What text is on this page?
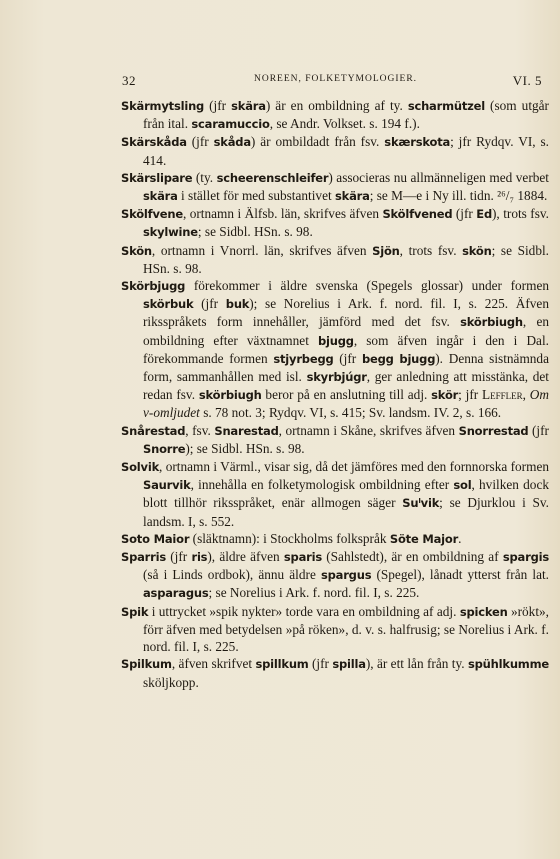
32	NOREEN, FOLKETYMOLOGIER.	VI. 5

Skärmytsling (jfr skära) är en ombildning af ty. scharmützel (som utgår från ital. scaramuccio, se Andr. Volkset. s. 194 f.).

Skärskåda (jfr skåda) är ombildadt från fsv. skærskota; jfr Rydqv. VI, s. 414.

Skärslipare (ty. scheerenschleifer) associeras nu allmänneligen med verbet skära i stället för med substantivet skära; se M—e i Ny ill. tidn. ²⁶/₇ 1884.

Skölfvene, ortnamn i Älfsb. län, skrifves äfven Skölfvened (jfr Ed), trots fsv. skylwine; se Sidbl. HSn. s. 98.

Skön, ortnamn i Vnorrl. län, skrifves äfven Sjön, trots fsv. skön; se Sidbl. HSn. s. 98.

Skörbjugg förekommer i äldre svenska (Spegels glossar) under formen skörbuk (jfr buk); se Norelius i Ark. f. nord. fil. I, s. 225. Äfven riksspråkets form innehåller, jämförd med det fsv. skörbiugh, en ombildning efter växtnamnet bjugg, som äfven ingår i den i Dal. förekommande formen stjyrbegg (jfr begg bjugg). Denna sistnämnda form, sammanhållen med isl. skyrbjúgr, ger anledning att misstänka, det redan fsv. skörbiugh beror på en anslutning till adj. skör; jfr Leffler, Om v-omljudet s. 78 not. 3; Rydqv. VI, s. 415; Sv. landsm. IV. 2, s. 166.

Snårestad, fsv. Snarestad, ortnamn i Skåne, skrifves äfven Snorrestad (jfr Snorre); se Sidbl. HSn. s. 98.

Solvik, ortnamn i Värml., visar sig, då det jämföres med den fornnorska formen Saurvik, innehålla en folketymologisk ombildning efter sol, hvilken dock blott tillhör riksspråket, enär allmogen säger Suˡvik; se Djurklou i Sv. landsm. I, s. 552.

Soto Maior (släktnamn): i Stockholms folkspråk Söte Major.

Sparris (jfr ris), äldre äfven sparis (Sahlstedt), är en ombildning af spargis (så i Linds ordbok), ännu äldre spargus (Spegel), lånadt ytterst från lat. asparagus; se Norelius i Ark. f. nord. fil. I, s. 225.

Spik i uttrycket »spik nykter» torde vara en ombildning af adj. spicken »rökt», förr äfven med betydelsen »på röken», d. v. s. halfrusig; se Norelius i Ark. f. nord. fil. I, s. 225.

Spilkum, äfven skrifvet spillkum (jfr spilla), är ett lån från ty. spühlkumme sköljkopp.
